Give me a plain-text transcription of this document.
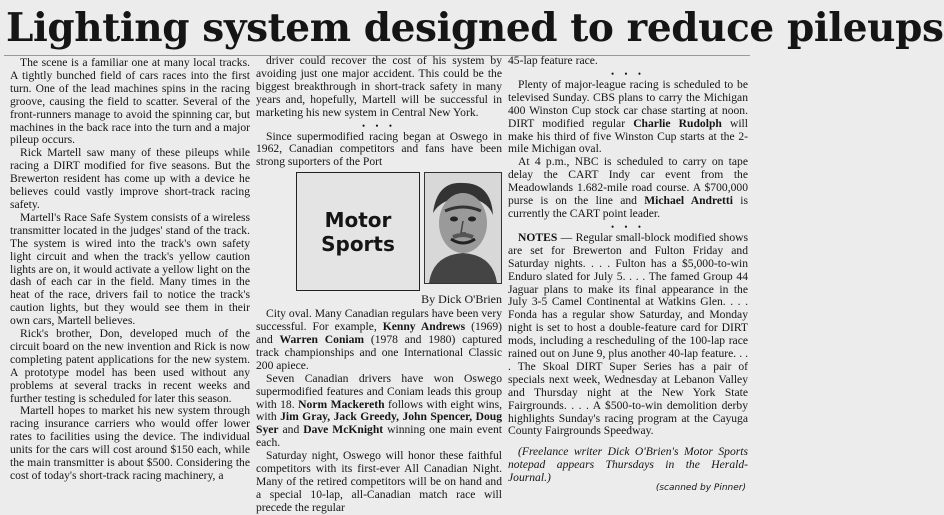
Lighting system designed to reduce pileups

The scene is a familiar one at many local tracks. A tightly bunched field of cars races into the first turn. One of the lead machines spins in the racing groove, causing the field to scatter. Several of the front-runners manage to avoid the spinning car, but machines in the back race into the turn and a major pileup occurs.

Rick Martell saw many of these pileups while racing a DIRT modified for five seasons. But the Brewerton resident has come up with a device he believes could vastly improve short-track racing safety.

Martell's Race Safe System consists of a wireless transmitter located in the judges' stand of the track. The system is wired into the track's own safety light circuit and when the track's yellow caution lights are on, it would activate a yellow light on the dash of each car in the field. Many times in the heat of the race, drivers fail to notice the track's caution lights, but they would see them in their own cars, Martell believes.

Rick's brother, Don, developed much of the circuit board on the new invention and Rick is now completing patent applications for the new system. A prototype model has been used without any problems at several tracks in recent weeks and further testing is scheduled for later this season.

Martell hopes to market his new system through racing insurance carriers who would offer lower rates to facilities using the device. The individual units for the cars will cost around $150 each, while the main transmitter is about $500. Considering the cost of today's short-track racing machinery, a

driver could recover the cost of his system by avoiding just one major accident. This could be the biggest breakthrough in short-track safety in many years and, hopefully, Martell will be successful in marketing his new system in Central New York.

• • •

Since supermodified racing began at Oswego in 1962, Canadian competitors and fans have been strong suporters of the Port

Motor
Sports
By Dick O'Brien

City oval. Many Canadian regulars have been very successful. For example, Kenny Andrews (1969) and Warren Coniam (1978 and 1980) captured track championships and one International Classic 200 apiece.

Seven Canadian drivers have won Oswego supermodified features and Coniam leads this group with 18. Norm Mackereth follows with eight wins, with Jim Gray, Jack Greedy, John Spencer, Doug Syer and Dave McKnight winning one main event each.

Saturday night, Oswego will honor these faithful competitors with its first-ever All Canadian Night. Many of the retired competitors will be on hand and a special 10-lap, all-Canadian match race will precede the regular

45-lap feature race.

• • •

Plenty of major-league racing is scheduled to be televised Sunday. CBS plans to carry the Michigan 400 Winston Cup stock car chase starting at noon. DIRT modified regular Charlie Rudolph will make his third of five Winston Cup starts at the 2-mile Michigan oval.

At 4 p.m., NBC is scheduled to carry on tape delay the CART Indy car event from the Meadowlands 1.682-mile road course. A $700,000 purse is on the line and Michael Andretti is currently the CART point leader.

• • •

NOTES — Regular small-block modified shows are set for Brewerton and Fulton Friday and Saturday nights. . . . Fulton has a $5,000-to-win Enduro slated for July 5. . . . The famed Group 44 Jaguar plans to make its final appearance in the July 3-5 Camel Continental at Watkins Glen. . . . Fonda has a regular show Saturday, and Monday night is set to host a double-feature card for DIRT mods, including a rescheduling of the 100-lap race rained out on June 9, plus another 40-lap feature. . . . The Skoal DIRT Super Series has a pair of specials next week, Wednesday at Lebanon Valley and Thursday night at the New York State Fairgrounds. . . . A $500-to-win demolition derby highlights Sunday's racing program at the Cayuga County Fairgrounds Speedway.

(Freelance writer Dick O'Brien's Motor Sports notepad appears Thursdays in the Herald-Journal.)

(scanned by Pinner)
